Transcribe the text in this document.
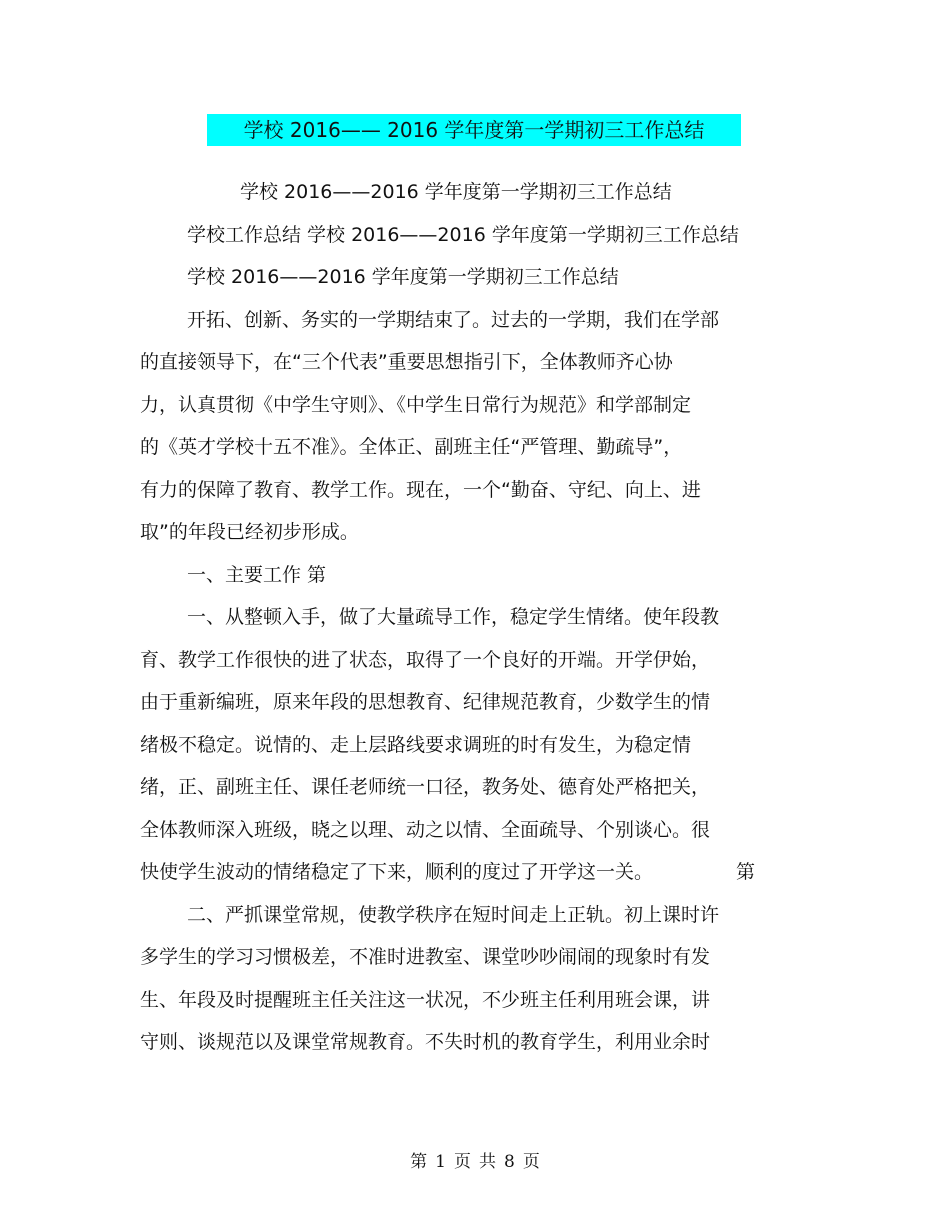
学校 2016—— 2016 学年度第一学期初三工作总结
学校 2016——2016 学年度第一学期初三工作总结
学校工作总结 学校 2016——2016 学年度第一学期初三工作总结
学校 2016——2016 学年度第一学期初三工作总结
开拓、创新、务实的一学期结束了。过去的一学期，我们在学部
的直接领导下，在“三个代表”重要思想指引下，全体教师齐心协
力，认真贯彻《中学生守则》、《中学生日常行为规范》和学部制定
的《英才学校十五不准》。全体正、副班主任“严管理、勤疏导”，
有力的保障了教育、教学工作。现在，一个“勤奋、守纪、向上、进
取”的年段已经初步形成。
一、主要工作 第
一、从整顿入手，做了大量疏导工作，稳定学生情绪。使年段教
育、教学工作很快的进了状态，取得了一个良好的开端。开学伊始，
由于重新编班，原来年段的思想教育、纪律规范教育，少数学生的情
绪极不稳定。说情的、走上层路线要求调班的时有发生，为稳定情
绪，正、副班主任、课任老师统一口径，教务处、德育处严格把关，
全体教师深入班级，晓之以理、动之以情、全面疏导、个别谈心。很
快使学生波动的情绪稳定了下来，顺利的度过了开学这一关。	第
二、严抓课堂常规，使教学秩序在短时间走上正轨。初上课时许
多学生的学习习惯极差，不准时进教室、课堂吵吵闹闹的现象时有发
生、年段及时提醒班主任关注这一状况，不少班主任利用班会课，讲
守则、谈规范以及课堂常规教育。不失时机的教育学生，利用业余时
第 1 页 共 8 页
